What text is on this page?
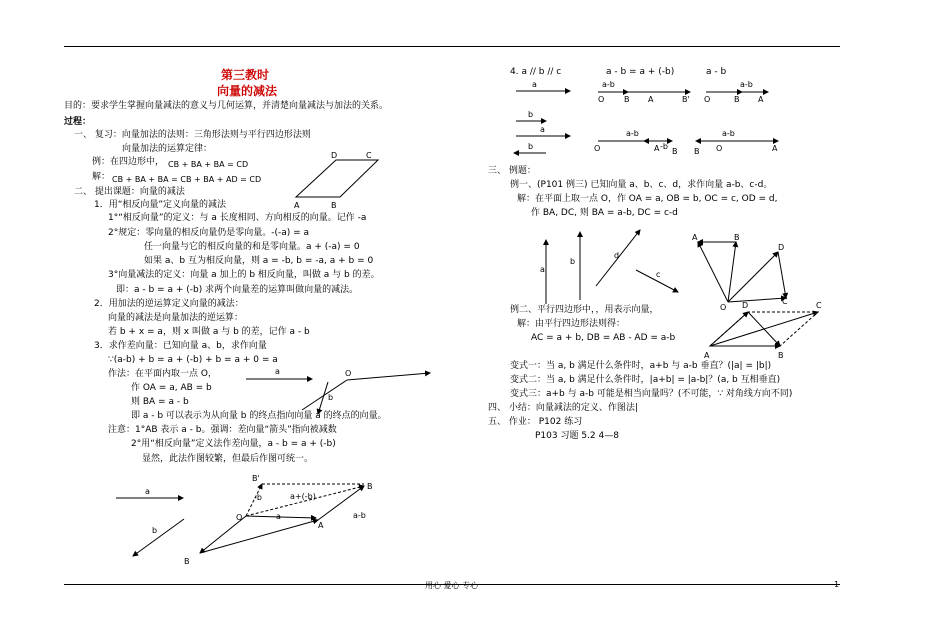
第三教时
向量的减法
目的：要求学生掌握向量减法的意义与几何运算，并清楚向量减法与加法的关系。
过程：
一、 复习：向量加法的法则：三角形法则与平行四边形法则
向量加法的运算定律：
例：在四边形中， CB + BA + BA = CD
解： CB + BA + BA = CB + BA + AD = CD
二、 提出课题：向量的减法
1．用“相反向量”定义向量的减法
1°“相反向量”的定义：与 a 长度相同、方向相反的向量。记作 -a
2°规定：零向量的相反向量仍是零向量。-(-a) = a
任一向量与它的相反向量的和是零向量。a + (-a) = 0
如果 a、b 互为相反向量，则 a = -b, b = -a, a + b = 0
3°向量减法的定义：向量 a 加上的 b 相反向量，叫做 a 与 b 的差。
即：a - b = a + (-b) 求两个向量差的运算叫做向量的减法。
2．用加法的逆运算定义向量的减法：
向量的减法是向量加法的逆运算：
若 b + x = a，则 x 叫做 a 与 b 的差，记作 a - b
3．求作差向量：已知向量 a、b，求作向量
∵(a-b) + b = a + (-b) + b = a + 0 = a
作法：在平面内取一点 O，
作 OA = a, AB = b
则 BA = a - b
即 a - b 可以表示为从向量 b 的终点指向向量 a 的终点的向量。
注意：1°AB 表示 a - b。强调：差向量“箭头”指向被减数
2°用“相反向量”定义法作差向量，a - b = a + (-b)
显然，此法作图较繁，但最后作图可统一。
4. a // b // c	a - b = a + (-b)	a - b
三、 例题：
例一、(P101 例三) 已知向量 a、b、c、d，求作向量 a-b、c-d。
解：在平面上取一点 O，作 OA = a, OB = b, OC = c, OD = d,
作 BA, DC, 则 BA = a-b, DC = c-d
例二、平行四边形中，，用表示向量，
解：由平行四边形法则得：
AC = a + b, DB = AB - AD = a-b
变式一：当 a, b 满足什么条件时，a+b 与 a-b 垂直？(|a| = |b|)
变式二：当 a, b 满足什么条件时，|a+b| = |a-b|？(a, b 互相垂直)
变式三：a+b 与 a-b 可能是相当向量吗？(不可能，∵ 对角线方向不同)
四、 小结：向量减法的定义、作图法|
五、 作业： P102 练习
P103 习题 5.2 4—8
D	C
A	B
a
b
O
a
b
O
B
A
B
B'
-b	a+(-b)
a	a-b
a
b
a
b
a-b
O B A	B'
a-b
O	B A
a-b
O	A B
-b
a-b
B O	A
a
b
d
c
A	B
D
C
O
A
D
B
C
用心 爱心 专心	1
